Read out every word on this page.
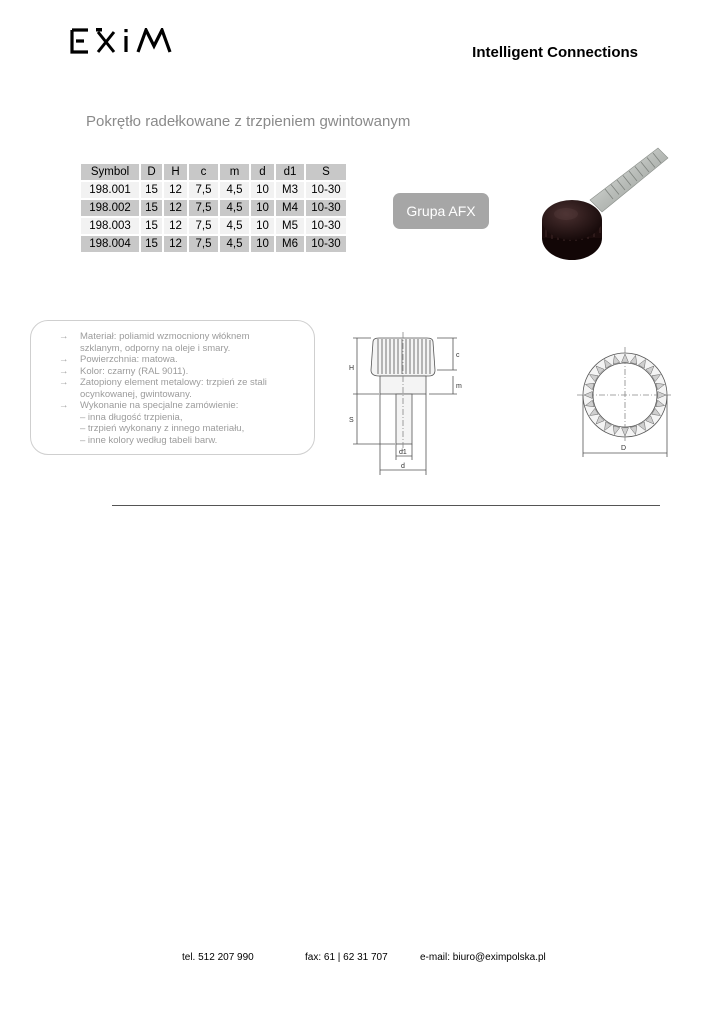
Intelligent Connections
Pokrętło radełkowane z trzpieniem gwintowanym
Symbol	D	H	c	m	d	d1	S
198.001	15	12	7,5	4,5	10	M3	10-30
198.002	15	12	7,5	4,5	10	M4	10-30
198.003	15	12	7,5	4,5	10	M5	10-30
198.004	15	12	7,5	4,5	10	M6	10-30
Grupa AFX
→ Materiał: poliamid wzmocniony włóknem
szklanym, odporny na oleje i smary.
→ Powierzchnia: matowa.
→ Kolor: czarny (RAL 9011).
→ Zatopiony element metalowy: trzpień ze stali
ocynkowanej, gwintowany.
→ Wykonanie na specjalne zamówienie:
– inna długość trzpienia,
– trzpień wykonany z innego materiału,
– inne kolory według tabeli barw.
H
S
c
m
d1
d
D
tel. 512 207 990	fax: 61 | 62 31 707	e-mail: biuro@eximpolska.pl
